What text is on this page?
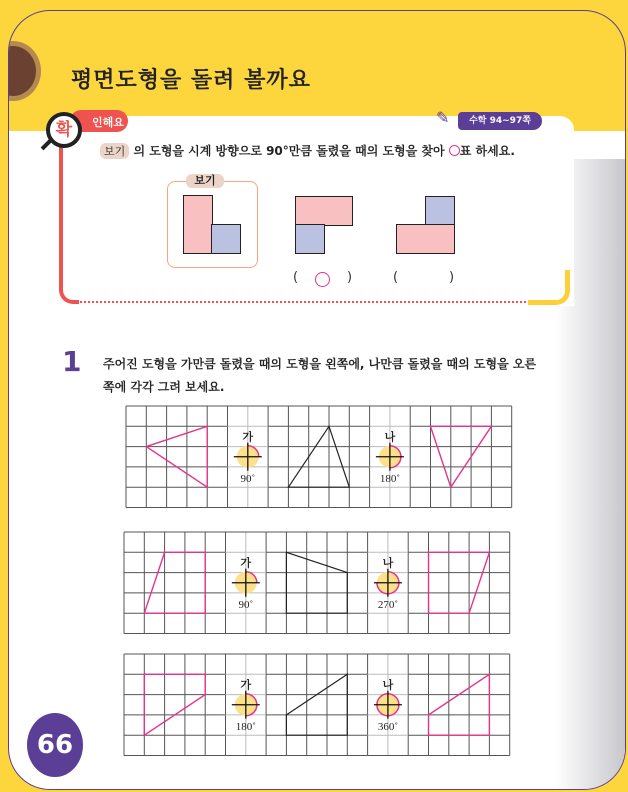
평면도형을 돌려 볼까요
인해요
확
✎	수학 94~97쪽
보기 의 도형을 시계 방향으로 90°만큼 돌렸을 때의 도형을 찾아 ○표 하세요.
보기
(	)	(	)
1 주어진 도형을 가만큼 돌렸을 때의 도형을 왼쪽에, 나만큼 돌렸을 때의 도형을 오른쪽에 각각 그려 보세요.
가
90˚
나
180˚
가
90˚
나
270˚
가
180˚
나
360˚
66
